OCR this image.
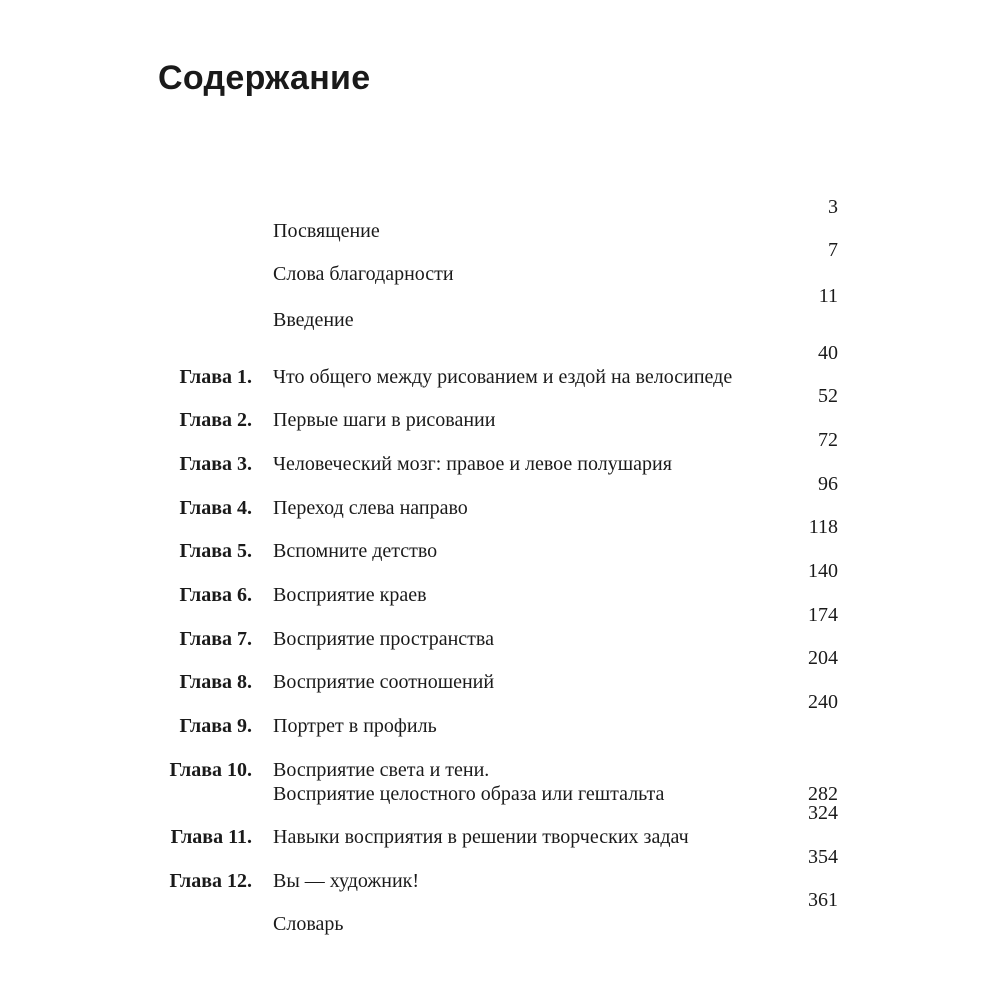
Содержание
Посвящение
3
Слова благодарности
7
Введение
11
Глава 1. Что общего между рисованием и ездой на велосипеде
40
Глава 2. Первые шаги в рисовании
52
Глава 3. Человеческий мозг: правое и левое полушария
72
Глава 4. Переход слева направо
96
Глава 5. Вспомните детство
118
Глава 6. Восприятие краев
140
Глава 7. Восприятие пространства
174
Глава 8. Восприятие соотношений
204
Глава 9. Портрет в профиль
240
Глава 10. Восприятие света и тени.
Восприятие целостного образа или гештальта	282
Глава 11. Навыки восприятия в решении творческих задач
324
Глава 12. Вы — художник!
354
Словарь
361
